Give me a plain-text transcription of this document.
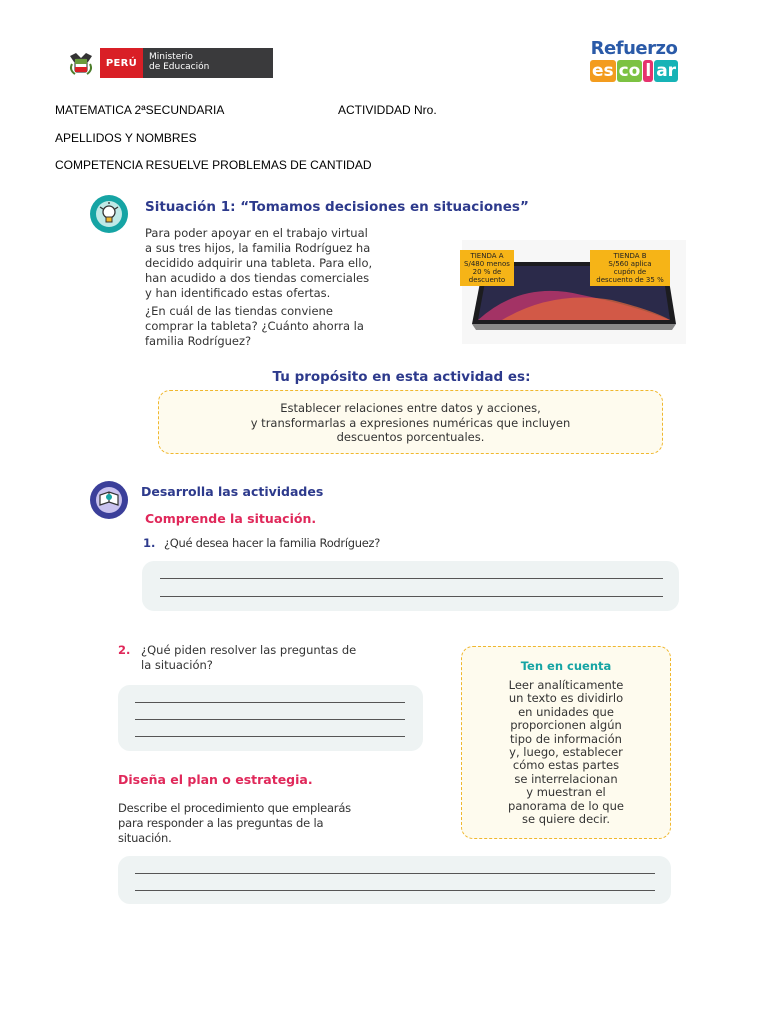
PERÚ
Ministerio
de Educación
Refuerzo
es co l ar
MATEMATICA 2ªSECUNDARIA	ACTIVIDDAD Nro.
APELLIDOS Y NOMBRES
COMPETENCIA RESUELVE PROBLEMAS DE CANTIDAD
Situación 1: “Tomamos decisiones en situaciones”
Para poder apoyar en el trabajo virtual
a sus tres hijos, la familia Rodríguez ha
decidido adquirir una tableta. Para ello,
han acudido a dos tiendas comerciales
y han identificado estas ofertas.
¿En cuál de las tiendas conviene
comprar la tableta? ¿Cuánto ahorra la
familia Rodríguez?
TIENDA A
S/480 menos
20 % de
descuento
TIENDA B
S/560 aplica
cupón de
descuento de 35 %
Tu propósito en esta actividad es:
Establecer relaciones entre datos y acciones,
y transformarlas a expresiones numéricas que incluyen
descuentos porcentuales.
Desarrolla las actividades
Comprende la situación.
1. ¿Qué desea hacer la familia Rodríguez?
2. ¿Qué piden resolver las preguntas de
la situación?
Diseña el plan o estrategia.
Describe el procedimiento que emplearás
para responder a las preguntas de la
situación.
Ten en cuenta
Leer analíticamente
un texto es dividirlo
en unidades que
proporcionen algún
tipo de información
y, luego, establecer
cómo estas partes
se interrelacionan
y muestran el
panorama de lo que
se quiere decir.
